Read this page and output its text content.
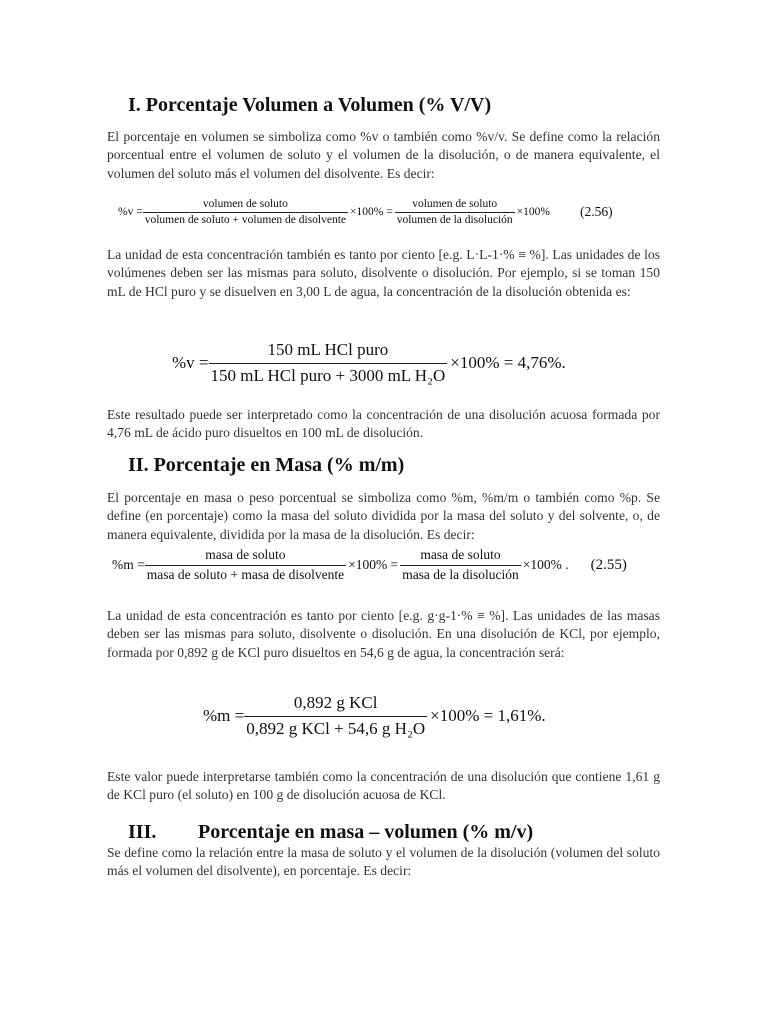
I. Porcentaje Volumen a Volumen (% V/V)
El porcentaje en volumen se simboliza como %v o también como %v/v. Se define como la relación porcentual entre el volumen de soluto y el volumen de la disolución, o de manera equivalente, el volumen del soluto más el volumen del disolvente. Es decir:
$\%v = \frac{\text{volumen de soluto}}{\text{volumen de soluto + volumen de disolvente}} \times 100\% = \frac{\text{volumen de soluto}}{\text{volumen de la disolución}} \times 100\%$ (2.56)
La unidad de esta concentración también es tanto por ciento [e.g. L·L-1·% ≡ %]. Las unidades de los volúmenes deben ser las mismas para soluto, disolvente o disolución. Por ejemplo, si se toman 150 mL de HCl puro y se disuelven en 3,00 L de agua, la concentración de la disolución obtenida es:
$\%v = \frac{\text{150 mL HCl puro}}{\text{150 mL HCl puro + 3000 mL H₂O}} \times 100\% = 4,76\%$.
Este resultado puede ser interpretado como la concentración de una disolución acuosa formada por 4,76 mL de ácido puro disueltos en 100 mL de disolución.
II. Porcentaje en Masa (% m/m)
El porcentaje en masa o peso porcentual se simboliza como %m, %m/m o también como %p. Se define (en porcentaje) como la masa del soluto dividida por la masa del soluto y del solvente, o, de manera equivalente, dividida por la masa de la disolución. Es decir:
$\%m = \frac{\text{masa de soluto}}{\text{masa de soluto + masa de disolvente}} \times 100\% = \frac{\text{masa de soluto}}{\text{masa de la disolución}} \times 100\%$ . (2.55)
La unidad de esta concentración es tanto por ciento [e.g. g·g-1·% ≡ %]. Las unidades de las masas deben ser las mismas para soluto, disolvente o disolución. En una disolución de KCl, por ejemplo, formada por 0,892 g de KCl puro disueltos en 54,6 g de agua, la concentración será:
$\%m = \frac{\text{0,892 g KCl}}{\text{0,892 g KCl + 54,6 g H₂O}} \times 100\% = 1,61\%$.
Este valor puede interpretarse también como la concentración de una disolución que contiene 1,61 g de KCl puro (el soluto) en 100 g de disolución acuosa de KCl.
III. Porcentaje en masa – volumen (% m/v)
Se define como la relación entre la masa de soluto y el volumen de la disolución (volumen del soluto más el volumen del disolvente), en porcentaje. Es decir:
